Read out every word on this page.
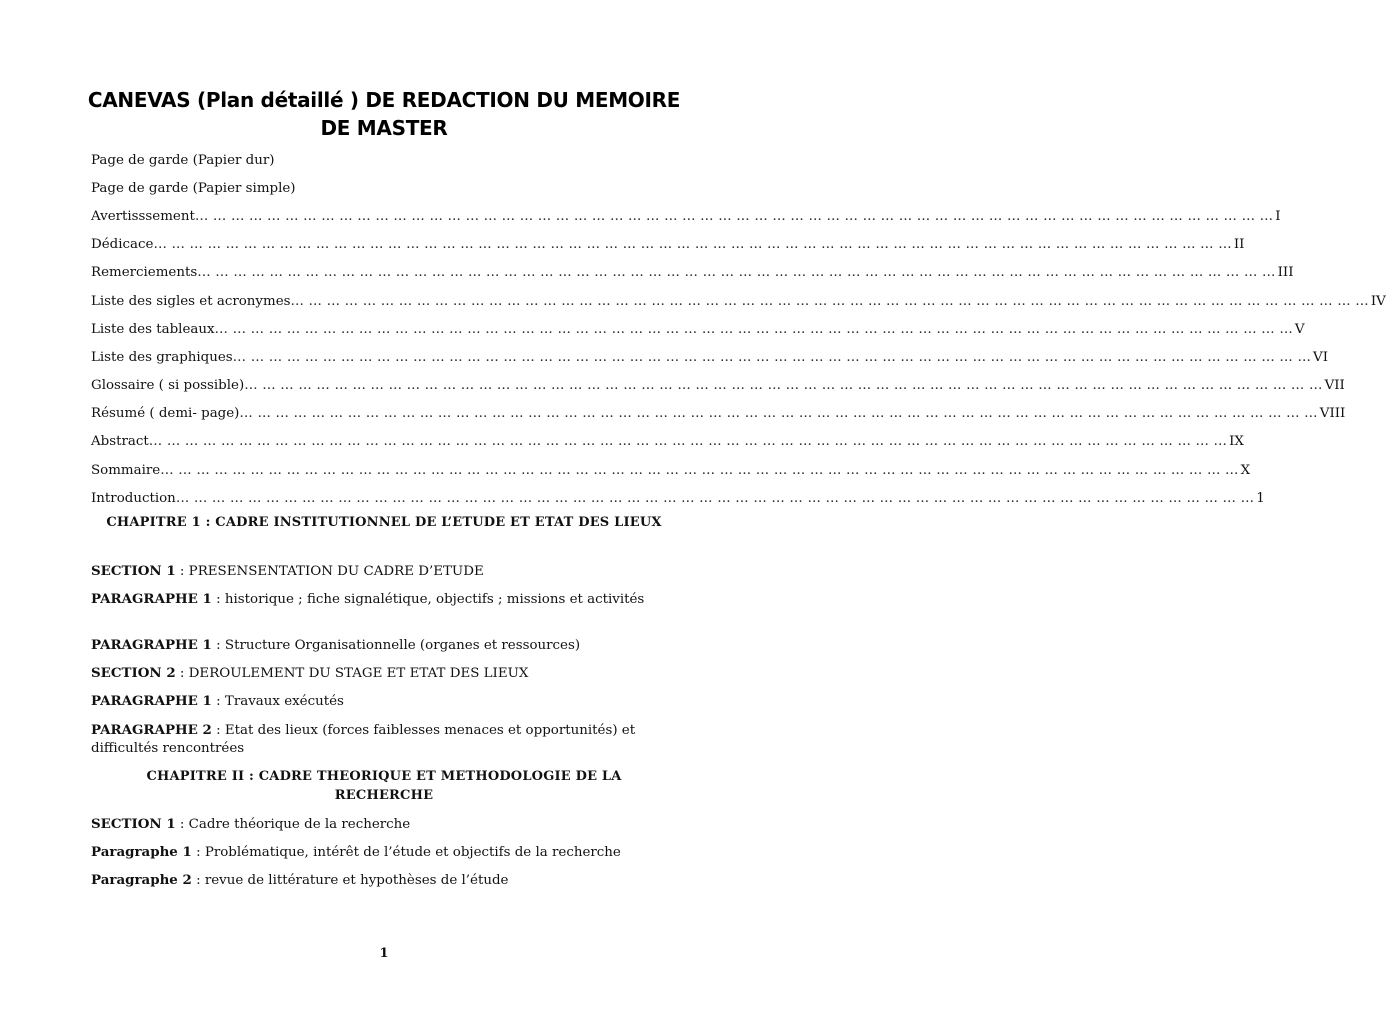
CANEVAS (Plan détaillé ) DE REDACTION DU MEMOIRE
DE MASTER
Page de garde (Papier dur)
Page de garde (Papier simple)
Avertisssement … … … … … … … … … … … … … … … … … … … … … … … … … … … … … … … … … … … … … … … … … … … … … … … … … … … … … … … … … … … … I
Dédicace … … … … … … … … … … … … … … … … … … … … … … … … … … … … … … … … … … … … … … … … … … … … … … … … … … … … … … … … … … … … II
Remerciements … … … … … … … … … … … … … … … … … … … … … … … … … … … … … … … … … … … … … … … … … … … … … … … … … … … … … … … … … … … … III
Liste des sigles et acronymes … … … … … … … … … … … … … … … … … … … … … … … … … … … … … … … … … … … … … … … … … … … … … … … … … … … … … … … … … … … … IV
Liste des tableaux … … … … … … … … … … … … … … … … … … … … … … … … … … … … … … … … … … … … … … … … … … … … … … … … … … … … … … … … … … … … V
Liste des graphiques … … … … … … … … … … … … … … … … … … … … … … … … … … … … … … … … … … … … … … … … … … … … … … … … … … … … … … … … … … … … VI
Glossaire ( si possible) … … … … … … … … … … … … … … … … … … … … … … … … … … … … … … … … … … … … … … … … … … … … … … … … … … … … … … … … … … … … VII
Résumé ( demi- page) … … … … … … … … … … … … … … … … … … … … … … … … … … … … … … … … … … … … … … … … … … … … … … … … … … … … … … … … … … … … VIII
Abstract … … … … … … … … … … … … … … … … … … … … … … … … … … … … … … … … … … … … … … … … … … … … … … … … … … … … … … … … … … … … IX
Sommaire … … … … … … … … … … … … … … … … … … … … … … … … … … … … … … … … … … … … … … … … … … … … … … … … … … … … … … … … … … … … X
Introduction … … … … … … … … … … … … … … … … … … … … … … … … … … … … … … … … … … … … … … … … … … … … … … … … … … … … … … … … … … … … 1
CHAPITRE 1 : CADRE INSTITUTIONNEL DE L’ETUDE ET ETAT DES LIEUX
SECTION 1 : PRESENSENTATION DU CADRE D’ETUDE
PARAGRAPHE 1 : historique ; fiche signalétique, objectifs ; missions et activités
PARAGRAPHE 1 : Structure Organisationnelle (organes et ressources)
SECTION 2 : DEROULEMENT DU STAGE ET ETAT DES LIEUX
PARAGRAPHE 1 : Travaux exécutés
PARAGRAPHE 2 : Etat des lieux (forces faiblesses menaces et opportunités) et difficultés rencontrées
CHAPITRE II : CADRE THEORIQUE ET METHODOLOGIE DE LA RECHERCHE
SECTION 1 : Cadre théorique de la recherche
Paragraphe 1 : Problématique, intérêt de l’étude et objectifs de la recherche
Paragraphe 2 : revue de littérature et hypothèses de l’étude
1
